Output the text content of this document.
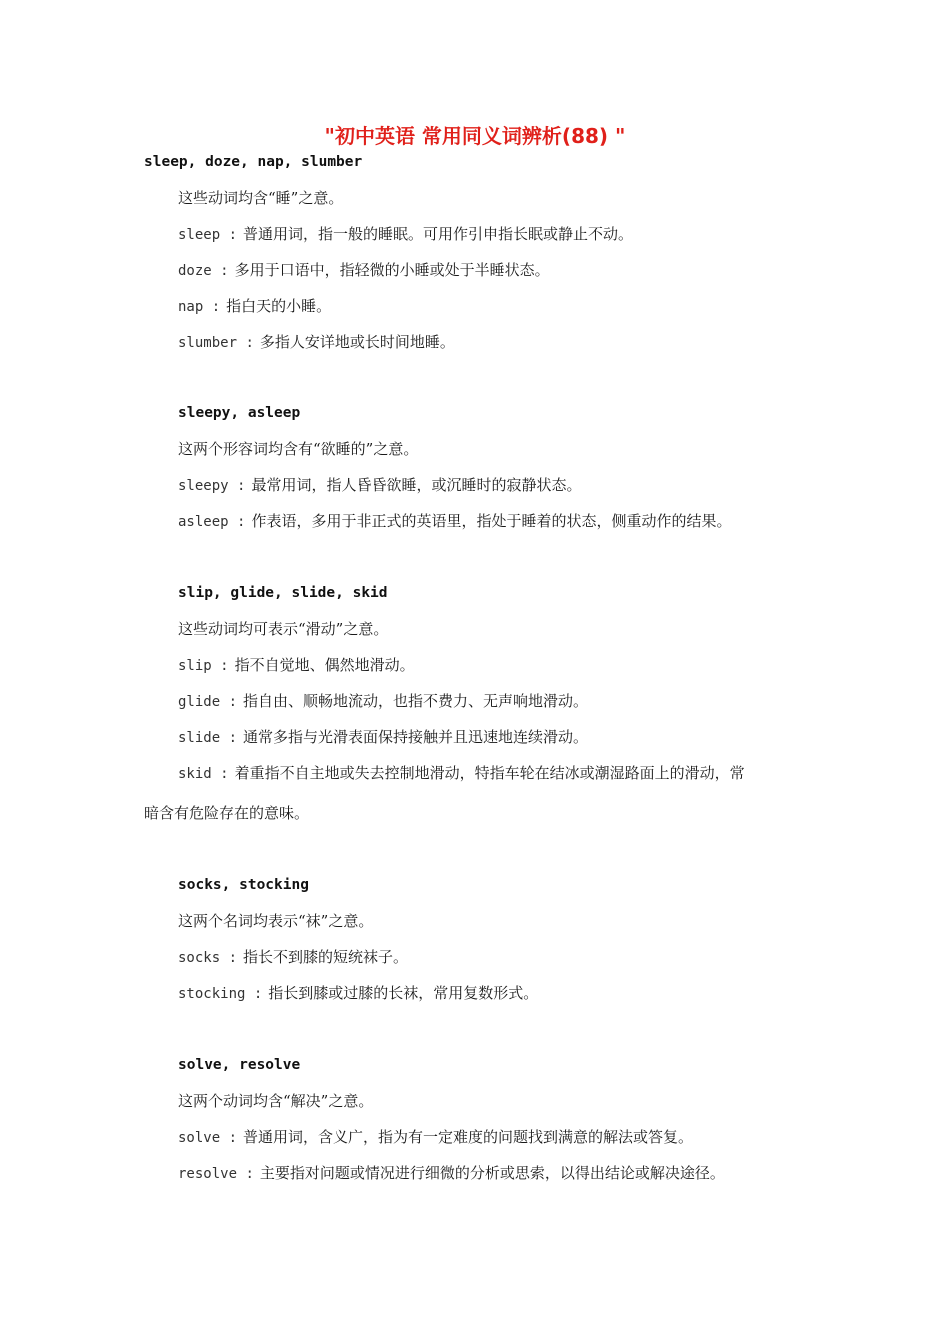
"初中英语 常用同义词辨析(88) "
sleep, doze, nap, slumber
这些动词均含“睡”之意。
sleep : 普通用词，指一般的睡眠。可用作引申指长眠或静止不动。
doze : 多用于口语中，指轻微的小睡或处于半睡状态。
nap : 指白天的小睡。
slumber : 多指人安详地或长时间地睡。
sleepy, asleep
这两个形容词均含有“欲睡的”之意。
sleepy : 最常用词，指人昏昏欲睡，或沉睡时的寂静状态。
asleep : 作表语，多用于非正式的英语里，指处于睡着的状态，侧重动作的结果。
slip, glide, slide, skid
这些动词均可表示“滑动”之意。
slip : 指不自觉地、偶然地滑动。
glide : 指自由、顺畅地流动，也指不费力、无声响地滑动。
slide : 通常多指与光滑表面保持接触并且迅速地连续滑动。
skid : 着重指不自主地或失去控制地滑动，特指车轮在结冰或潮湿路面上的滑动，常
暗含有危险存在的意味。
socks, stocking
这两个名词均表示“袜”之意。
socks : 指长不到膝的短统袜子。
stocking : 指长到膝或过膝的长袜，常用复数形式。
solve, resolve
这两个动词均含“解决”之意。
solve : 普通用词，含义广，指为有一定难度的问题找到满意的解法或答复。
resolve : 主要指对问题或情况进行细微的分析或思索，以得出结论或解决途径。
